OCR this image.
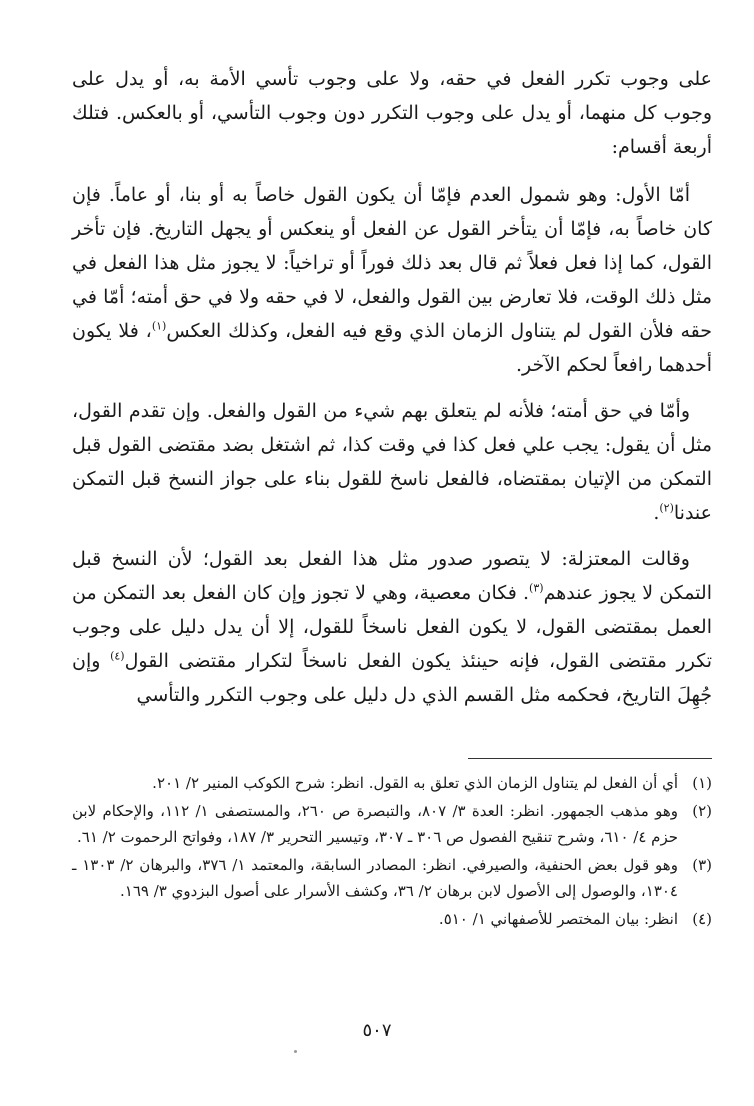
على وجوب تكرر الفعل في حقه، ولا على وجوب تأسي الأمة به، أو يدل على وجوب كل منهما، أو يدل على وجوب التكرر دون وجوب التأسي، أو بالعكس. فتلك أربعة أقسام:

أمّا الأول: وهو شمول العدم فإمّا أن يكون القول خاصاً به أو بنا، أو عاماً. فإن كان خاصاً به، فإمّا أن يتأخر القول عن الفعل أو ينعكس أو يجهل التاريخ. فإن تأخر القول، كما إذا فعل فعلاً ثم قال بعد ذلك فوراً أو تراخياً: لا يجوز مثل هذا الفعل في مثل ذلك الوقت، فلا تعارض بين القول والفعل، لا في حقه ولا في حق أمته؛ أمّا في حقه فلأن القول لم يتناول الزمان الذي وقع فيه الفعل، وكذلك العكس$^{(١)}$، فلا يكون أحدهما رافعاً لحكم الآخر.

وأمّا في حق أمته؛ فلأنه لم يتعلق بهم شيء من القول والفعل. وإن تقدم القول، مثل أن يقول: يجب علي فعل كذا في وقت كذا، ثم اشتغل بضد مقتضى القول قبل التمكن من الإتيان بمقتضاه، فالفعل ناسخ للقول بناء على جواز النسخ قبل التمكن عندنا$^{(٢)}$.

وقالت المعتزلة: لا يتصور صدور مثل هذا الفعل بعد القول؛ لأن النسخ قبل التمكن لا يجوز عندهم$^{(٣)}$. فكان معصية، وهي لا تجوز وإن كان الفعل بعد التمكن من العمل بمقتضى القول، لا يكون الفعل ناسخاً للقول، إلا أن يدل دليل على وجوب تكرر مقتضى القول، فإنه حينئذ يكون الفعل ناسخاً لتكرار مقتضى القول$^{(٤)}$ وإن جُهِلَ التاريخ، فحكمه مثل القسم الذي دل دليل على وجوب التكرر والتأسي

(١)
أي أن الفعل لم يتناول الزمان الذي تعلق به القول. انظر: شرح الكوكب المنير ٢/ ٢٠١.
(٢)
وهو مذهب الجمهور. انظر: العدة ٣/ ٨٠٧، والتبصرة ص ٢٦٠، والمستصفى ١/ ١١٢، والإحكام لابن حزم ٤/ ٦١٠، وشرح تنقيح الفصول ص ٣٠٦ ـ ٣٠٧، وتيسير التحرير ٣/ ١٨٧، وفواتح الرحموت ٢/ ٦١.
(٣)
وهو قول بعض الحنفية، والصيرفي. انظر: المصادر السابقة، والمعتمد ١/ ٣٧٦، والبرهان ٢/ ١٣٠٣ ـ ١٣٠٤، والوصول إلى الأصول لابن برهان ٢/ ٣٦، وكشف الأسرار على أصول البزدوي ٣/ ١٦٩.
(٤)
انظر: بيان المختصر للأصفهاني ١/ ٥١٠.
٥٠٧
